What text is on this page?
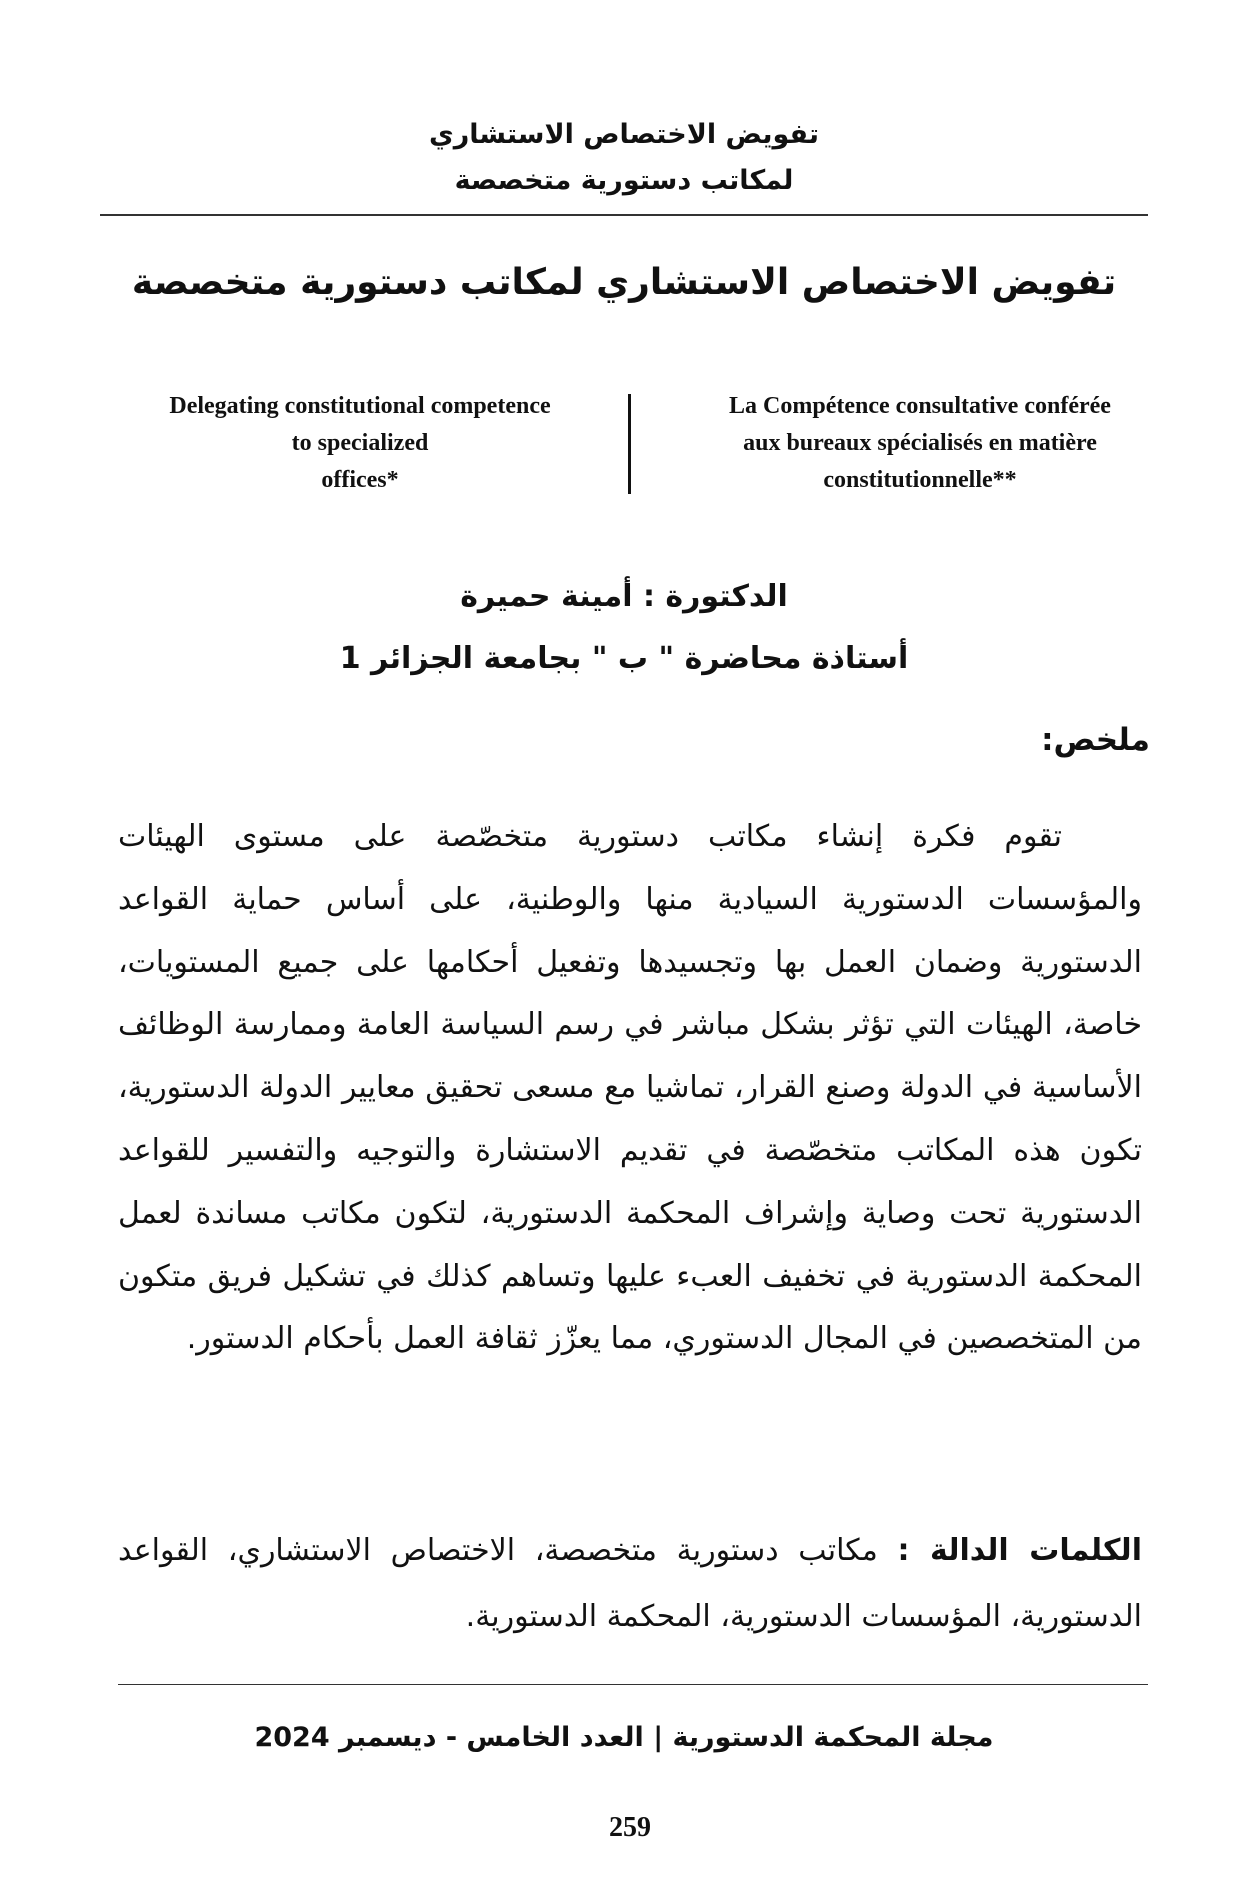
تفويض الاختصاص الاستشاري
لمكاتب دستورية متخصصة
تفويض الاختصاص الاستشاري لمكاتب دستورية متخصصة
Delegating constitutional competence
to specialized
offices*
La Compétence consultative conférée
aux bureaux spécialisés en matière
constitutionnelle**
الدكتورة : أمينة حميرة
أستاذة محاضرة " ب " بجامعة الجزائر 1
ملخص:
تقوم فكرة إنشاء مكاتب دستورية متخصّصة على مستوى الهيئات والمؤسسات الدستورية السيادية منها والوطنية، على أساس حماية القواعد الدستورية وضمان العمل بها وتجسيدها وتفعيل أحكامها على جميع المستويات، خاصة، الهيئات التي تؤثر بشكل مباشر في رسم السياسة العامة وممارسة الوظائف الأساسية في الدولة وصنع القرار، تماشيا مع مسعى تحقيق معايير الدولة الدستورية، تكون هذه المكاتب متخصّصة في تقديم الاستشارة والتوجيه والتفسير للقواعد الدستورية تحت وصاية وإشراف المحكمة الدستورية، لتكون مكاتب مساندة لعمل المحكمة الدستورية في تخفيف العبء عليها وتساهم كذلك في تشكيل فريق متكون من المتخصصين في المجال الدستوري، مما يعزّز ثقافة العمل بأحكام الدستور.
الكلمات الدالة : مكاتب دستورية متخصصة، الاختصاص الاستشاري، القواعد الدستورية، المؤسسات الدستورية، المحكمة الدستورية.
مجلة المحكمة الدستورية | العدد الخامس - ديسمبر 2024
259
